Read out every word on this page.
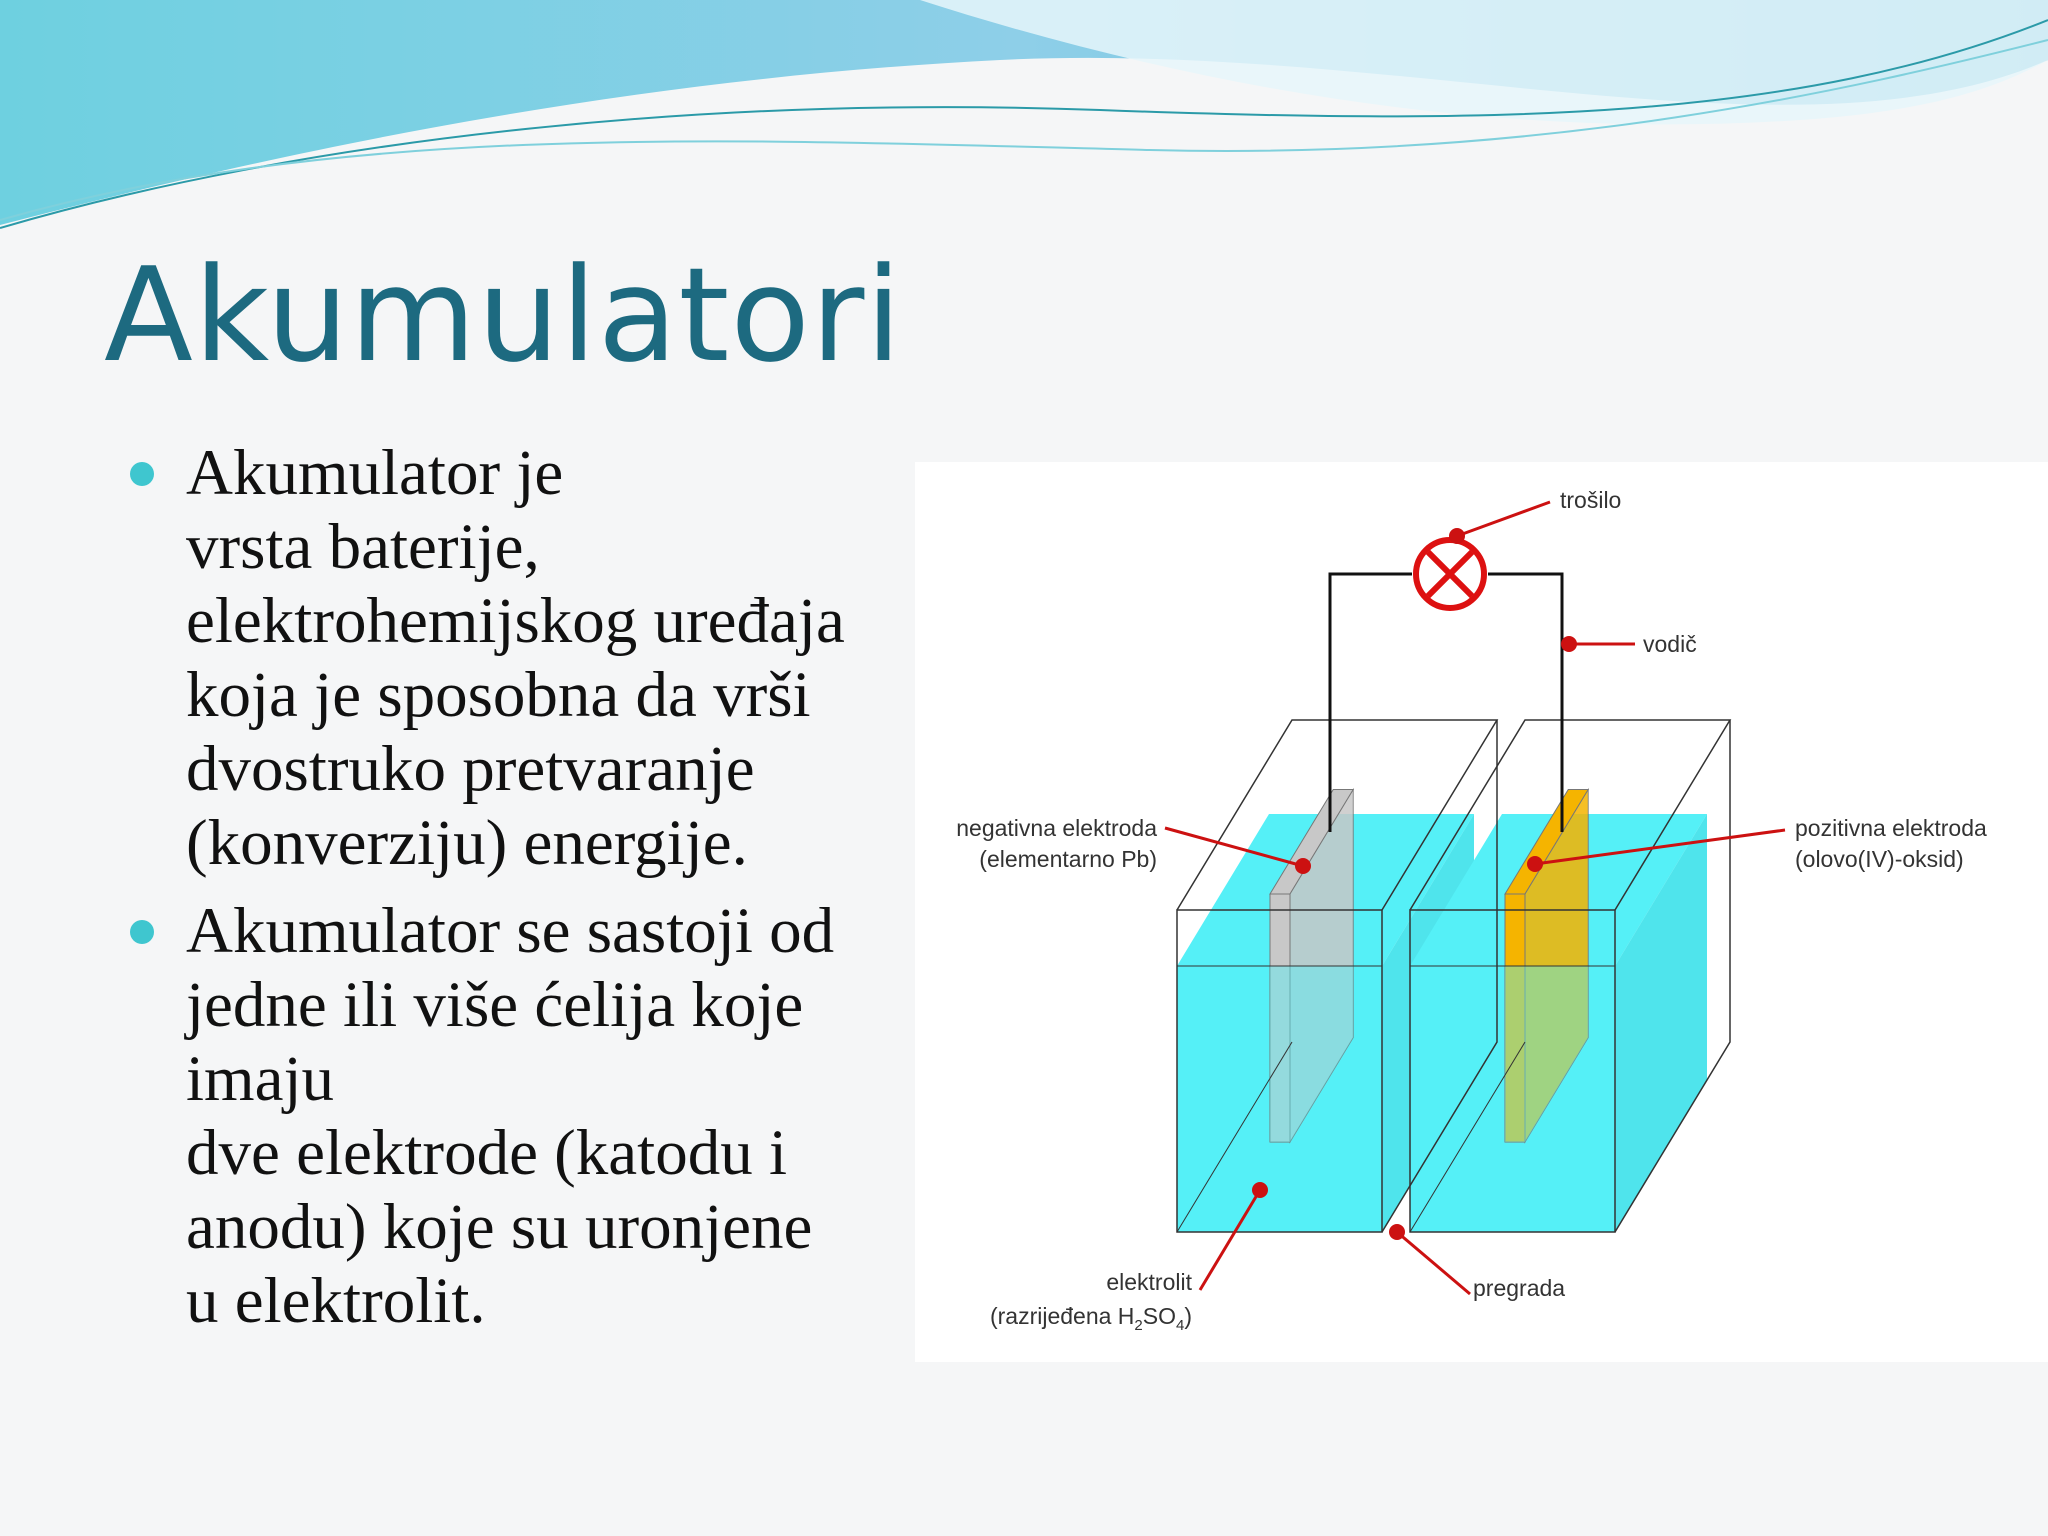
Akumulatori
Akumulator je
vrsta baterije,
elektrohemijskog uređaja
koja je sposobna da vrši
dvostruko pretvaranje
(konverziju) energije.
Akumulator se sastoji od
jedne ili više ćelija koje
imaju
dve elektrode (katodu i
anodu) koje su uronjene
u elektrolit.
trošilo
vodič
negativna elektroda
(elementarno Pb)
pozitivna elektroda
(olovo(IV)-oksid)
elektrolit
(razrijeđena $H_2SO_4$)
pregrada
